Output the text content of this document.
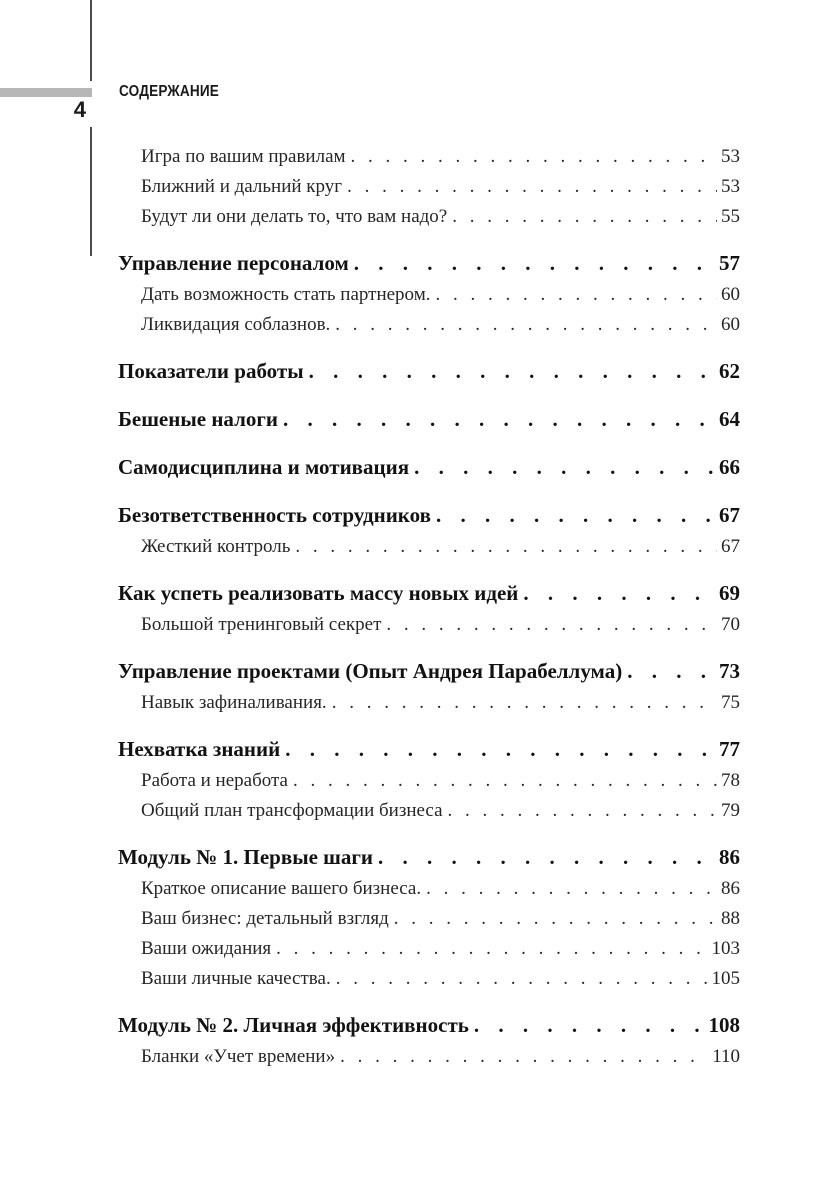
СОДЕРЖАНИЕ
4
Игра по вашим правилам . . .	53
Ближний и дальний круг . . .	53
Будут ли они делать то, что вам надо? . . .	55
Управление персоналом . . .	57
Дать возможность стать партнером. . . .	60
Ликвидация соблазнов. . . .	60
Показатели работы . . .	62
Бешеные налоги . . .	64
Самодисциплина и мотивация . . .	66
Безответственность сотрудников . . .	67
Жесткий контроль . . .	67
Как успеть реализовать массу новых идей . . .	69
Большой тренинговый секрет . . .	70
Управление проектами (Опыт Андрея Парабеллума) . . .	73
Навык зафиналивания. . . .	75
Нехватка знаний . . .	77
Работа и неработа . . .	78
Общий план трансформации бизнеса . . .	79
Модуль № 1. Первые шаги . . .	86
Краткое описание вашего бизнеса. . . .	86
Ваш бизнес: детальный взгляд . . .	88
Ваши ожидания . . .	103
Ваши личные качества. . . .	105
Модуль № 2. Личная эффективность . . .	108
Бланки «Учет времени» . . .	110
